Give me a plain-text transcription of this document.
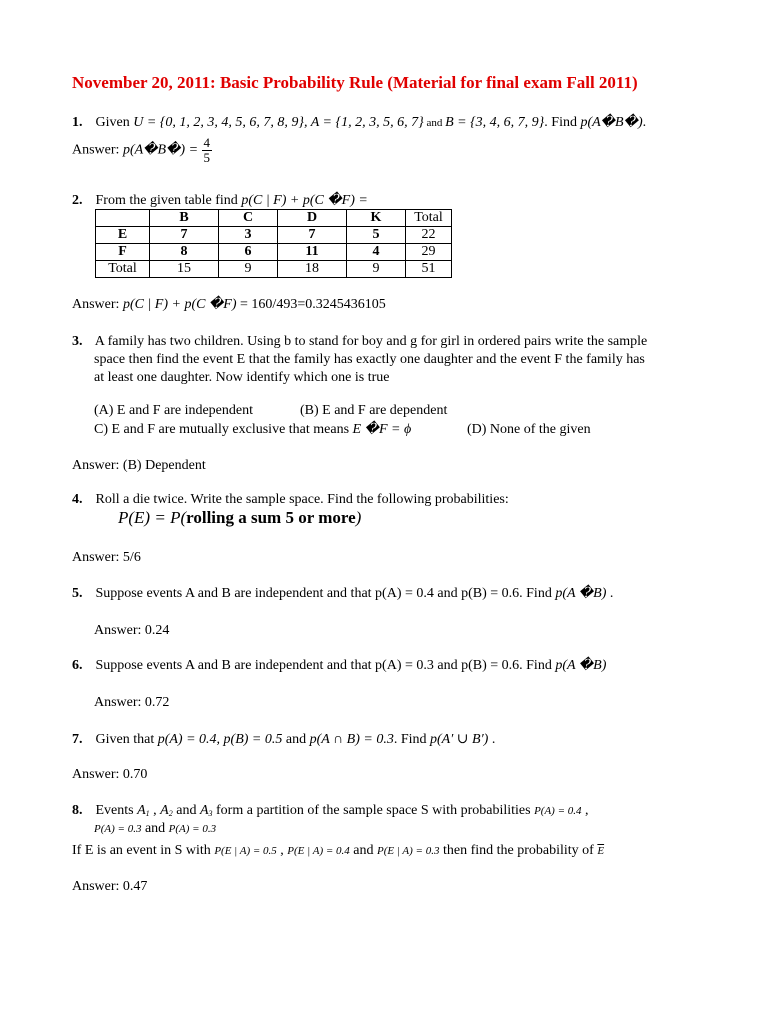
November 20, 2011: Basic Probability Rule (Material for final exam Fall 2011)
1. Given U = {0, 1, 2, 3, 4, 5, 6, 7, 8, 9}, A = {1, 2, 3, 5, 6, 7} and B = {3, 4, 6, 7, 9}. Find p(A�B�).
Answer: p(A�B�) = $\frac{4}{5}$
2. From the given table find p(C | F) + p(C �F) =
	B	C	D	K	Total
E	7	3	7	5	22
F	8	6	11	4	29
Total	15	9	18	9	51
Answer: p(C | F) + p(C �F) = 160/493=0.3245436105
3. A family has two children. Using b to stand for boy and g for girl in ordered pairs write the sample
space then find the event E that the family has exactly one daughter and the event F the family has
at least one daughter. Now identify which one is true
(A) E and F are independent	(B) E and F are dependent
C) E and F are mutually exclusive that means E �F = ϕ	(D) None of the given
Answer: (B) Dependent
4. Roll a die twice. Write the sample space. Find the following probabilities:
P(E) = P(rolling a sum 5 or more)
Answer: 5/6
5. Suppose events A and B are independent and that p(A) = 0.4 and p(B) = 0.6. Find p(A �B) .
Answer: 0.24
6. Suppose events A and B are independent and that p(A) = 0.3 and p(B) = 0.6. Find p(A �B)
Answer: 0.72
7. Given that p(A) = 0.4, p(B) = 0.5 and p(A ∩ B) = 0.3. Find p(A′ ∪ B′) .
Answer: 0.70
8. Events $A_1$ , $A_2$ and $A_3$ form a partition of the sample space S with probabilities P(A) = 0.4 ,
P(A) = 0.3 and P(A) = 0.3
If E is an event in S with P(E | A) = 0.5 , P(E | A) = 0.4 and P(E | A) = 0.3 then find the probability of $\overline{E}$
Answer: 0.47
